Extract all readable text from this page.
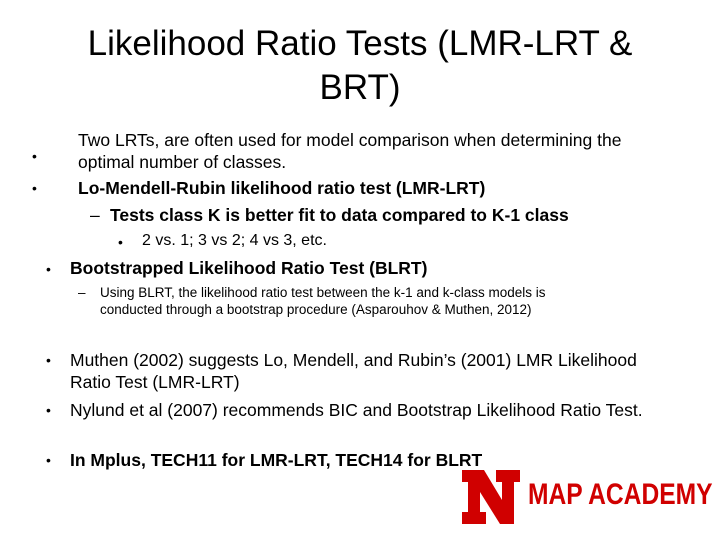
Likelihood Ratio Tests (LMR-LRT & BRT)
•
Two LRTs, are often used for model comparison when determining the
optimal number of classes.
• Lo-Mendell-Rubin likelihood ratio test (LMR-LRT)
– Tests class K is better fit to data compared to K-1 class
• 2 vs. 1; 3 vs 2; 4 vs 3, etc.
• Bootstrapped Likelihood Ratio Test (BLRT)
– Using BLRT, the likelihood ratio test between the k-1 and k-class models is
conducted through a bootstrap procedure (Asparouhov & Muthen, 2012)
• Muthen (2002) suggests Lo, Mendell, and Rubin’s (2001) LMR Likelihood
Ratio Test (LMR-LRT)
• Nylund et al (2007) recommends BIC and Bootstrap Likelihood Ratio Test.
• In Mplus, TECH11 for LMR-LRT, TECH14 for BLRT
MAP ACADEMY
